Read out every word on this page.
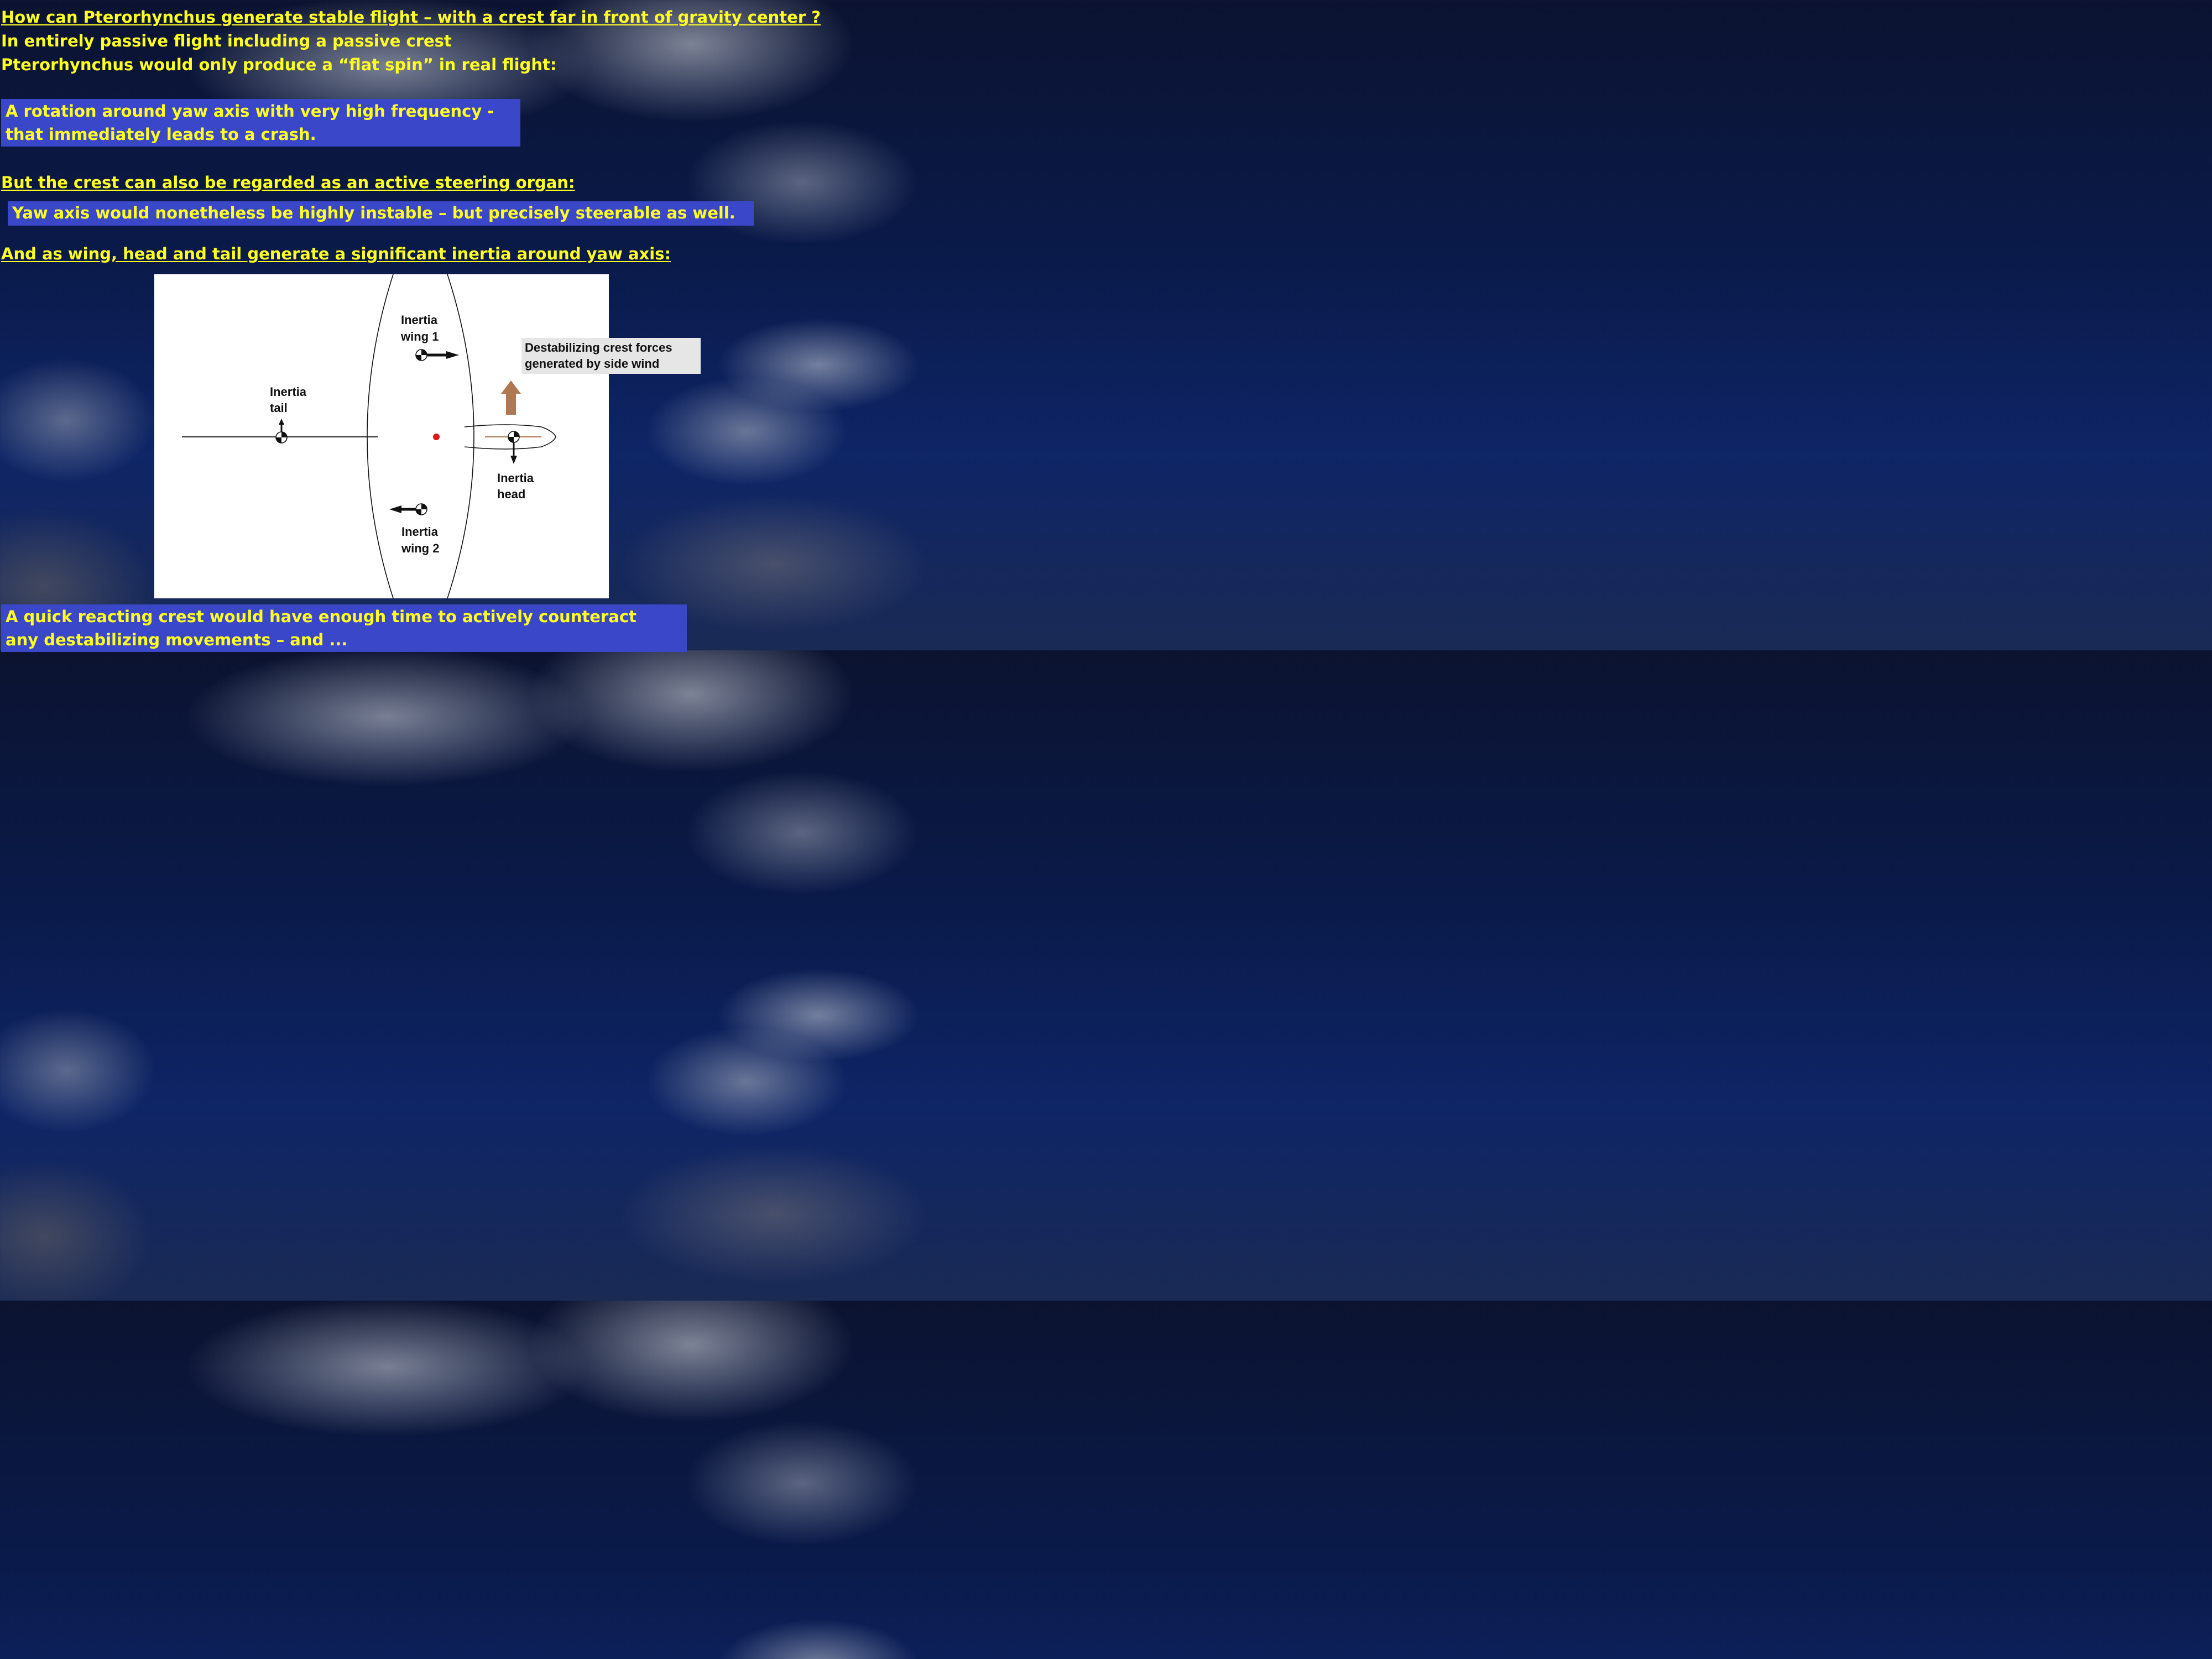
How can Pterorhynchus generate stable flight – with a crest far in front of gravity center ?
In entirely passive flight including a passive crest
Pterorhynchus would only produce a “flat spin” in real flight:
A rotation around yaw axis with very high frequency -
that immediately leads to a crash.
But the crest can also be regarded as an active steering organ:
Yaw axis would nonetheless be highly instable – but precisely steerable as well.
And as wing, head and tail generate a significant inertia around yaw axis:
Inertia
wing 1
Inertia
tail
Inertia
head
Inertia
wing 2
Destabilizing crest forces
generated by side wind
A quick reacting crest would have enough time to actively counteract
any destabilizing movements – and ...
